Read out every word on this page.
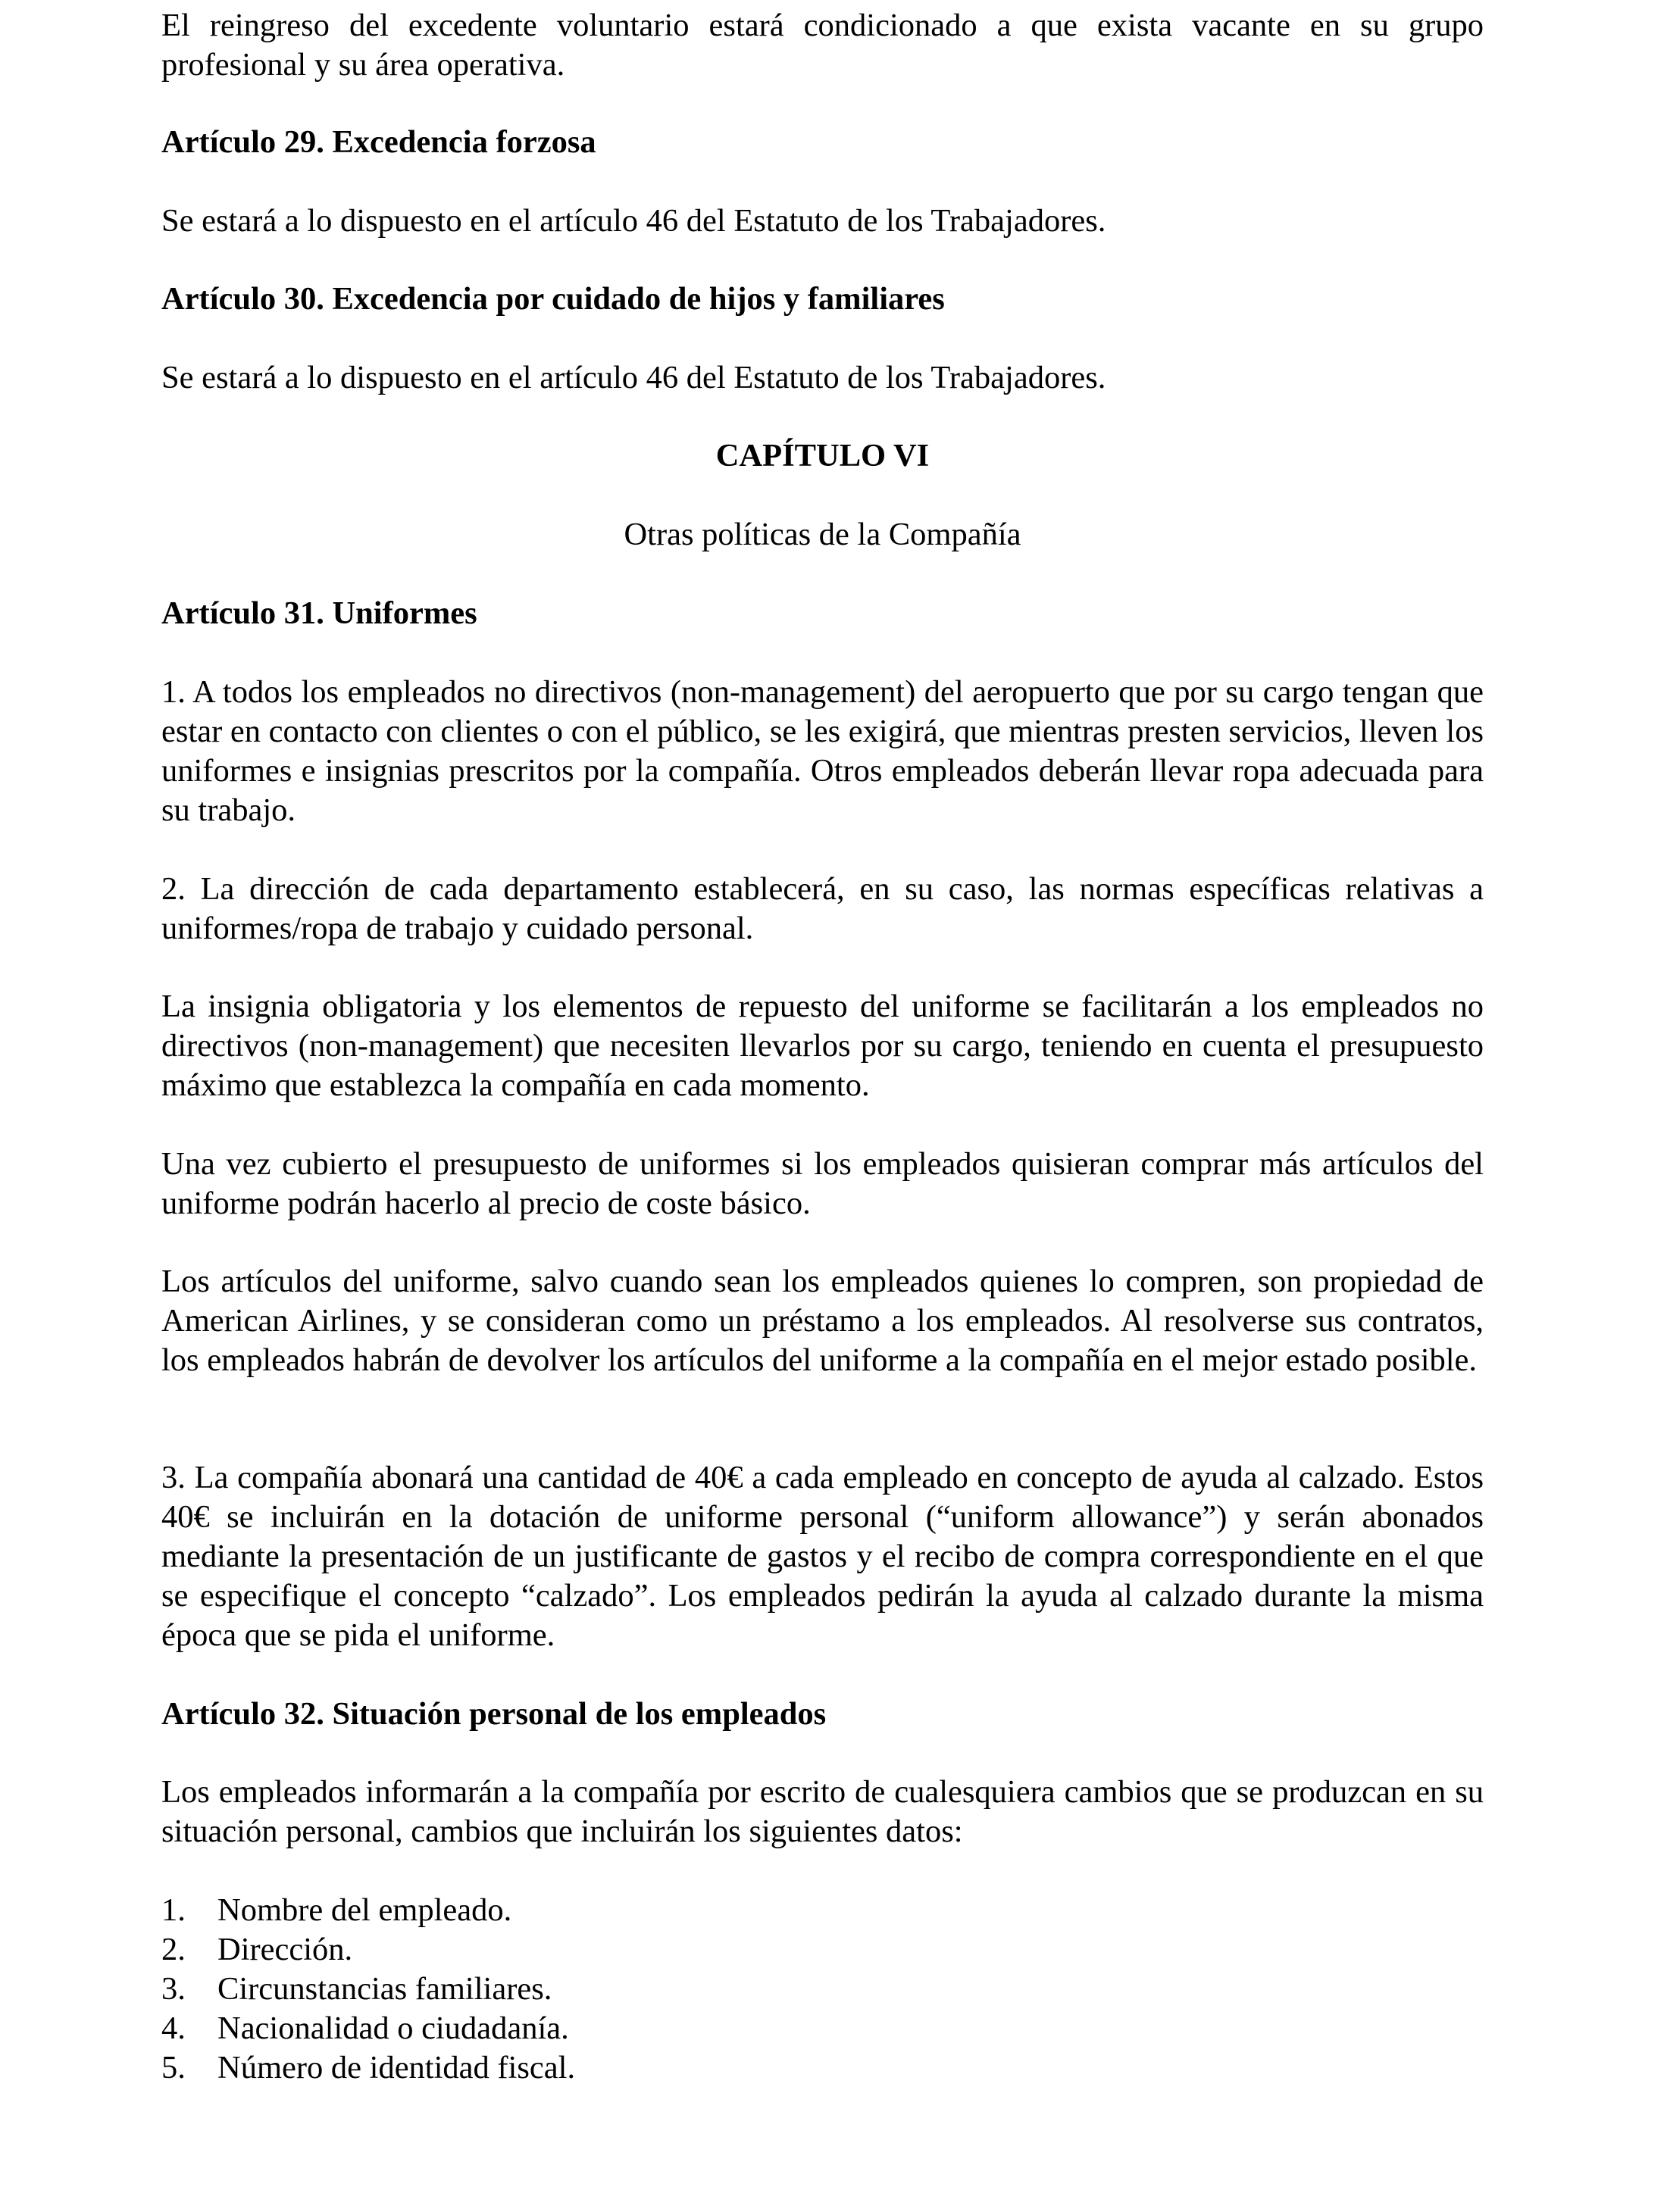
El reingreso del excedente voluntario estará condicionado a que exista vacante en su grupo profesional y su área operativa.

Artículo 29. Excedencia forzosa

Se estará a lo dispuesto en el artículo 46 del Estatuto de los Trabajadores.

Artículo 30. Excedencia por cuidado de hijos y familiares

Se estará a lo dispuesto en el artículo 46 del Estatuto de los Trabajadores.

CAPÍTULO VI
Otras políticas de la Compañía
Artículo 31. Uniformes

1. A todos los empleados no directivos (non-management) del aeropuerto que por su cargo tengan que estar en contacto con clientes o con el público, se les exigirá, que mientras presten servicios, lleven los uniformes e insignias prescritos por la compañía. Otros empleados deberán llevar ropa adecuada para su trabajo.

2. La dirección de cada departamento establecerá, en su caso, las normas específicas relativas a uniformes/ropa de trabajo y cuidado personal.

La insignia obligatoria y los elementos de repuesto del uniforme se facilitarán a los empleados no directivos (non-management) que necesiten llevarlos por su cargo, teniendo en cuenta el presupuesto máximo que establezca la compañía en cada momento.

Una vez cubierto el presupuesto de uniformes si los empleados quisieran comprar más artículos del uniforme podrán hacerlo al precio de coste básico.

Los artículos del uniforme, salvo cuando sean los empleados quienes lo compren, son propiedad de American Airlines, y se consideran como un préstamo a los empleados. Al resolverse sus contratos, los empleados habrán de devolver los artículos del uniforme a la compañía en el mejor estado posible.

3. La compañía abonará una cantidad de 40€ a cada empleado en concepto de ayuda al calzado. Estos 40€ se incluirán en la dotación de uniforme personal (“uniform allowance”) y serán abonados mediante la presentación de un justificante de gastos y el recibo de compra correspondiente en el que se especifique el concepto “calzado”. Los empleados pedirán la ayuda al calzado durante la misma época que se pida el uniforme.

Artículo 32. Situación personal de los empleados

Los empleados informarán a la compañía por escrito de cualesquiera cambios que se produzcan en su situación personal, cambios que incluirán los siguientes datos:

1. Nombre del empleado.
2. Dirección.
3. Circunstancias familiares.
4. Nacionalidad o ciudadanía.
5. Número de identidad fiscal.
